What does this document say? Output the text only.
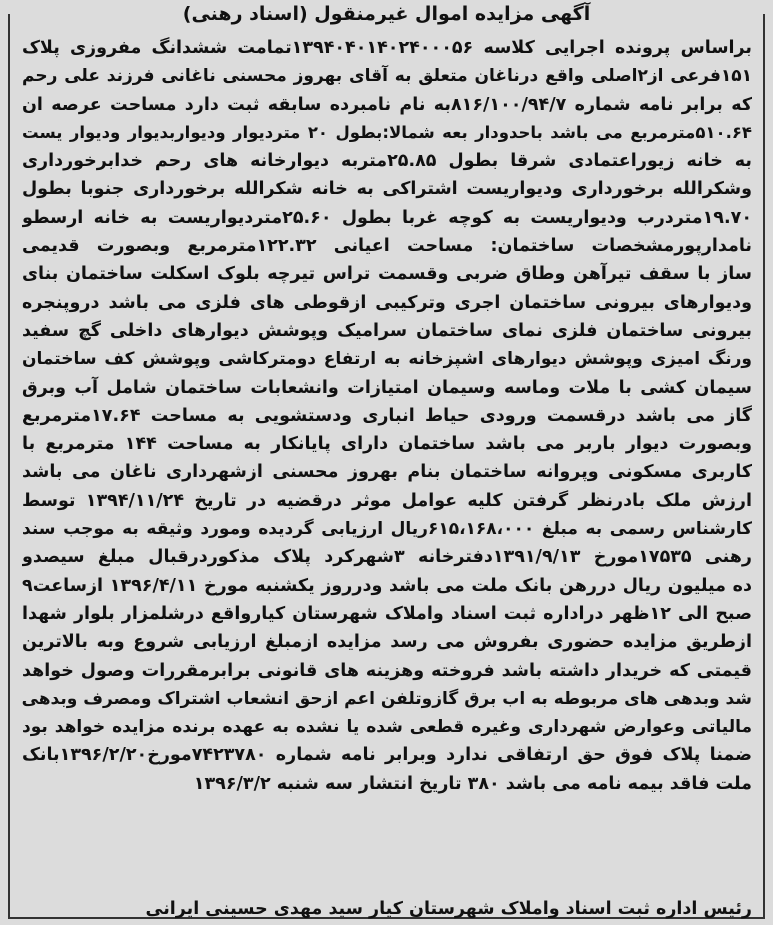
آگهی مزایده اموال غیرمنقول (اسناد رهنی)
براساس پرونده اجرایی کلاسه ۱۳۹۴۰۴۰۱۴۰۲۴۰۰۰۵۶تمامت ششدانگ مفروزی پلاک
۱۵۱فرعی از۲اصلی واقع درناغان متعلق به آقای بهروز محسنی ناغانی فرزند علی رحم
که برابر نامه شماره ۸۱۶/۱۰۰/۹۴/۷به نام نامبرده سابقه ثبت دارد مساحت عرصه ان
۵۱۰.۶۴مترمربع می باشد باحدودار بعه شمالا:بطول ۲۰ متردیوار ودیواربدیوار ودیوار یست
به خانه زیوراعتمادی شرقا بطول ۲۵.۸۵متربه دیوارخانه های رحم خدابرخورداری
وشکرالله برخورداری ودیواریست اشتراکی به خانه شکرالله برخورداری جنوبا بطول
۱۹.۷۰متردرب ودیواریست به کوچه غربا بطول ۲۵.۶۰متردیواریست به خانه ارسطو
نامدارپورمشخصات ساختمان: مساحت اعیانی ۱۲۲.۳۲مترمربع وبصورت قدیمی
ساز با سقف تیرآهن وطاق ضربی وقسمت تراس تیرچه بلوک اسکلت ساختمان بنای
ودیوارهای بیرونی ساختمان اجری وترکیبی ازقوطی های فلزی می باشد دروپنجره
بیرونی ساختمان فلزی نمای ساختمان سرامیک وپوشش دیوارهای داخلی گچ سفید
ورنگ امیزی وپوشش دیوارهای اشپزخانه به ارتفاع دومترکاشی وپوشش کف ساختمان
سیمان کشی با ملات وماسه وسیمان امتیازات وانشعابات ساختمان شامل آب وبرق
گاز می باشد درقسمت ورودی حیاط انباری ودستشویی به مساحت ۱۷.۶۴مترمربع
وبصورت دیوار باربر می باشد ساختمان دارای پایانکار به مساحت ۱۴۴ مترمربع با
کاربری مسکونی وپروانه ساختمان بنام بهروز محسنی ازشهرداری ناغان می باشد
ارزش ملک بادرنظر گرفتن کلیه عوامل موثر درقضیه در تاریخ ۱۳۹۴/۱۱/۲۴ توسط
کارشناس رسمی به مبلغ ۶۱۵،۱۶۸،۰۰۰ریال ارزیابی گردیده ومورد وثیقه به موجب سند
رهنی ۱۷۵۳۵مورخ ۱۳۹۱/۹/۱۳دفترخانه ۳شهرکرد پلاک مذکوردرقبال مبلغ سیصدو
ده میلیون ریال دررهن بانک ملت می باشد ودرروز یکشنبه مورخ ۱۳۹۶/۴/۱۱ ازساعت۹
صبح الی ۱۲ظهر دراداره ثبت اسناد واملاک شهرستان کیارواقع درشلمزار بلوار شهدا
ازطریق مزایده حضوری بفروش می رسد مزایده ازمبلغ ارزیابی شروع وبه بالاترین
قیمتی که خریدار داشته باشد فروخته وهزینه های قانونی برابرمقررات وصول خواهد
شد وبدهی های مربوطه به اب برق گازوتلفن اعم ازحق انشعاب اشتراک ومصرف وبدهی
مالیاتی وعوارض شهرداری وغیره قطعی شده یا نشده به عهده برنده مزایده خواهد بود
ضمنا پلاک فوق حق ارتفاقی ندارد وبرابر نامه شماره ۷۴۲۳۷۸۰مورخ۱۳۹۶/۲/۲۰بانک
ملت فاقد بیمه نامه می باشد ۳۸۰ تاریخ انتشار سه شنبه ۱۳۹۶/۳/۲
رئیس اداره ثبت اسناد واملاک شهرستان کیار سید مهدی حسینی ایرانی
